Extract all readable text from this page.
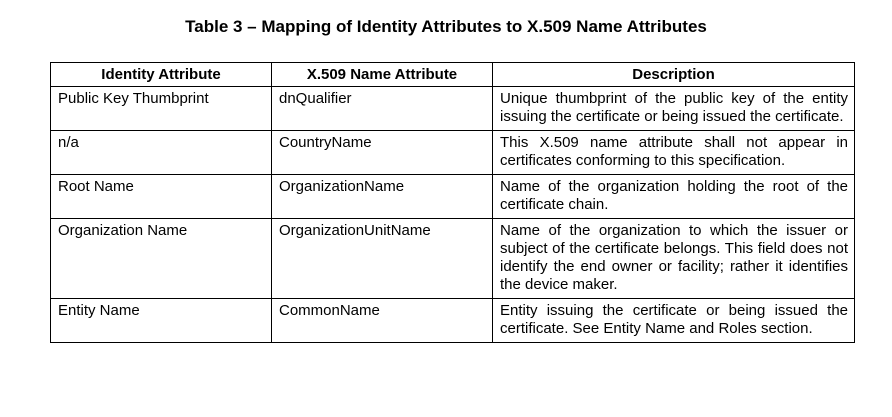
Table 3 – Mapping of Identity Attributes to X.509 Name Attributes
Identity Attribute	X.509 Name Attribute	Description
Public Key Thumbprint	dnQualifier	Unique thumbprint of the public key of the entity issuing the certificate or being issued the certificate.
n/a	CountryName	This X.509 name attribute shall not appear in certificates conforming to this specification.
Root Name	OrganizationName	Name of the organization holding the root of the certificate chain.
Organization Name	OrganizationUnitName	Name of the organization to which the issuer or subject of the certificate belongs. This field does not identify the end owner or facility; rather it identifies the device maker.
Entity Name	CommonName	Entity issuing the certificate or being issued the certificate. See Entity Name and Roles section.
